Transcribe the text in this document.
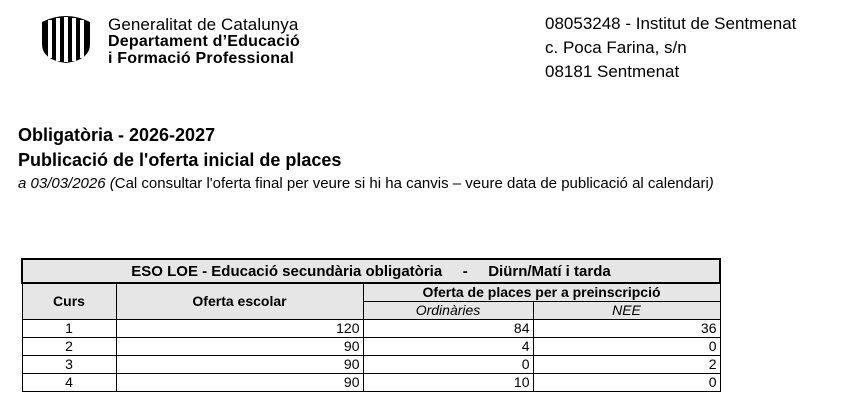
Generalitat de Catalunya
Departament d’Educació
i Formació Professional
08053248 - Institut de Sentmenat
c. Poca Farina, s/n
08181 Sentmenat
Obligatòria - 2026-2027
Publicació de l'oferta inicial de places
a 03/03/2026 (Cal consultar l'oferta final per veure si hi ha canvis – veure data de publicació al calendari)
ESO LOE - Educació secundària obligatòria - Diürn/Matí i tarda			
Curs	Oferta escolar	Oferta de places per a preinscripció	
		Ordinàries	NEE
1	120	84	36
2	90	4	0
3	90	0	2
4	90	10	0
